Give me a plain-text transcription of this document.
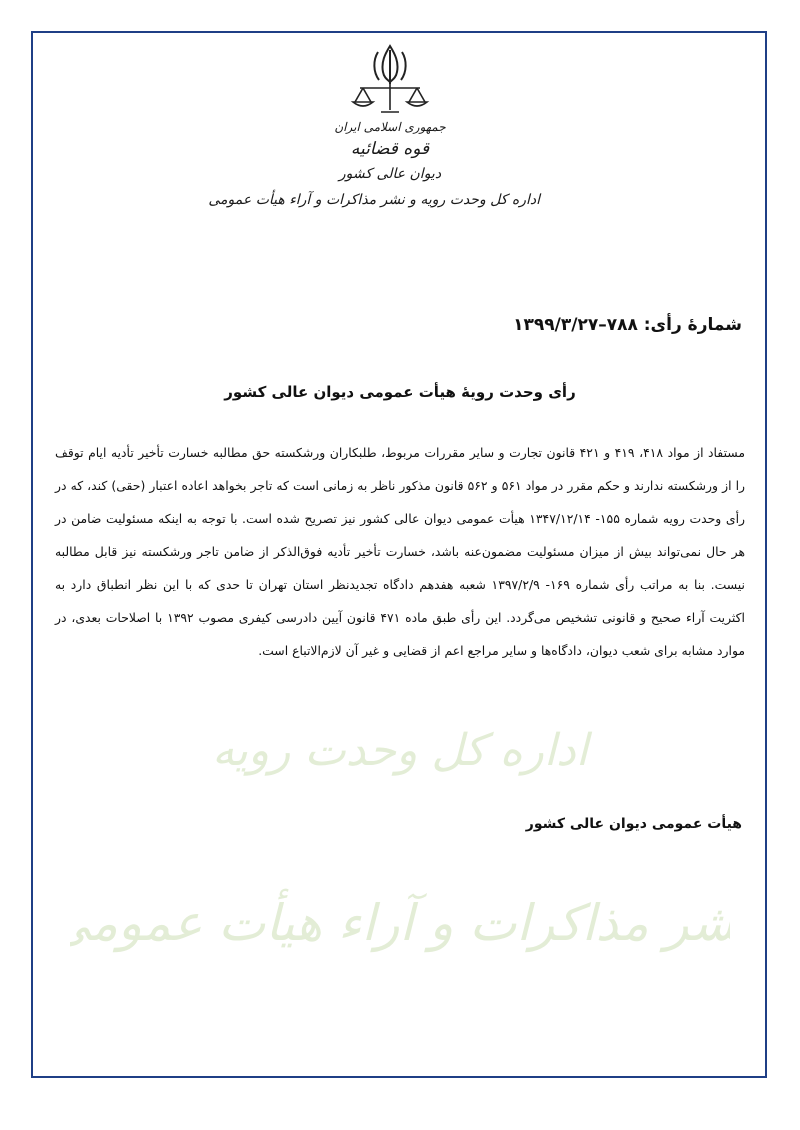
اداره کل وحدت رویه
نشر مذاکرات و آراء هیأت عمومی
جمهوری اسلامی ایران
قوه قضائیه
دیوان عالی کشور
اداره کل وحدت رویه و نشر مذاکرات و آراء هیأت عمومی
شمارهٔ رأی: ۷۸۸–۱۳۹۹/۳/۲۷
رأی وحدت رویهٔ هیأت عمومی دیوان عالی کشور
مستفاد از مواد ۴۱۸، ۴۱۹ و ۴۲۱ قانون تجارت و سایر مقررات مربوط، طلبکاران ورشکسته حق مطالبه خسارت تأخیر تأدیه ایام توقف را از ورشکسته ندارند و حکم مقرر در مواد ۵۶۱ و ۵۶۲ قانون مذکور ناظر به زمانی است که تاجر بخواهد اعاده اعتبار (حقی) کند، که در رأی وحدت رویه شماره ۱۵۵- ۱۳۴۷/۱۲/۱۴ هیأت عمومی دیوان عالی کشور نیز تصریح شده است. با توجه به اینکه مسئولیت ضامن در هر حال نمی‌تواند بیش از میزان مسئولیت مضمون‌عنه باشد، خسارت تأخیر تأدیه فوق‌الذکر از ضامن تاجر ورشکسته نیز قابل مطالبه نیست. بنا به مراتب رأی شماره ۱۶۹- ۱۳۹۷/۲/۹ شعبه هفدهم دادگاه تجدیدنظر استان تهران تا حدی که با این نظر انطباق دارد به اکثریت آراء صحیح و قانونی تشخیص می‌گردد. این رأی طبق ماده ۴۷۱ قانون آیین دادرسی کیفری مصوب ۱۳۹۲ با اصلاحات بعدی، در موارد مشابه برای شعب دیوان، دادگاه‌ها و سایر مراجع اعم از قضایی و غیر آن لازم‌الاتباع است.
هیأت عمومی دیوان عالی کشور
